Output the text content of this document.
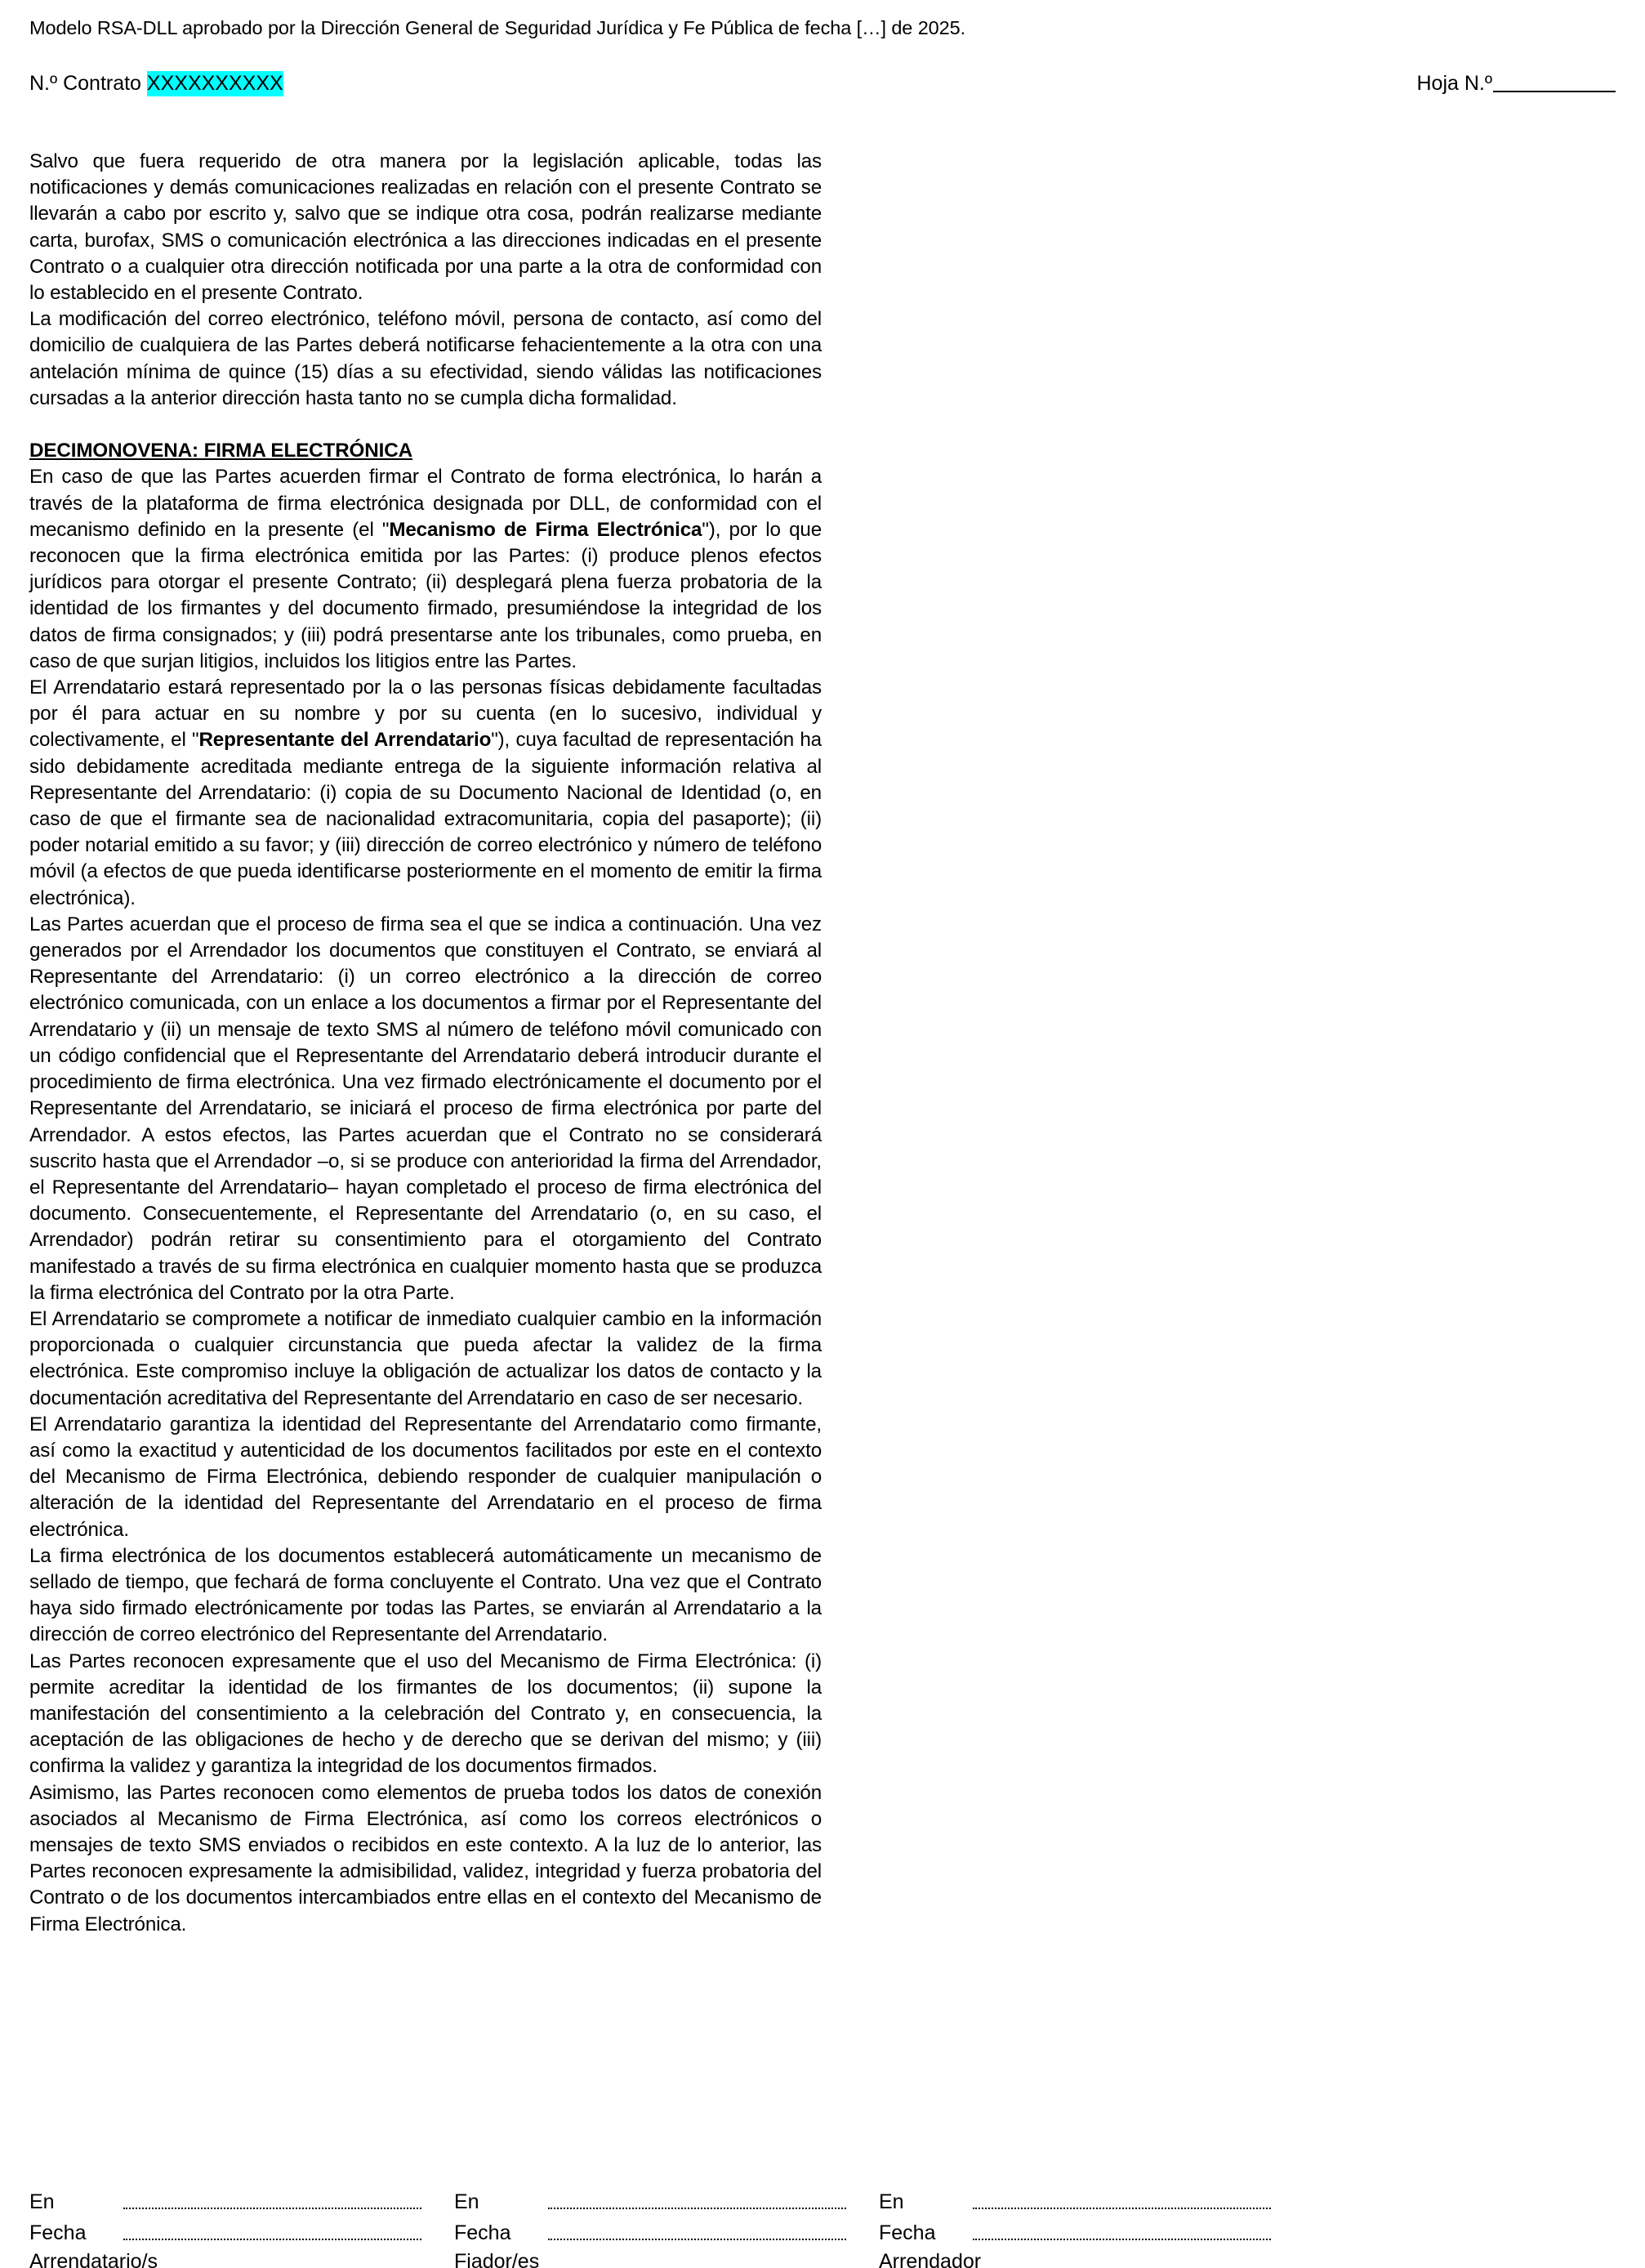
Modelo RSA-DLL aprobado por la Dirección General de Seguridad Jurídica y Fe Pública de fecha […] de 2025.
N.º Contrato XXXXXXXXXX	Hoja N.º

Salvo que fuera requerido de otra manera por la legislación aplicable, todas las notificaciones y demás comunicaciones realizadas en relación con el presente Contrato se llevarán a cabo por escrito y, salvo que se indique otra cosa, podrán realizarse mediante carta, burofax, SMS o comunicación electrónica a las direcciones indicadas en el presente Contrato o a cualquier otra dirección notificada por una parte a la otra de conformidad con lo establecido en el presente Contrato.

La modificación del correo electrónico, teléfono móvil, persona de contacto, así como del domicilio de cualquiera de las Partes deberá notificarse fehacientemente a la otra con una antelación mínima de quince (15) días a su efectividad, siendo válidas las notificaciones cursadas a la anterior dirección hasta tanto no se cumpla dicha formalidad.

DECIMONOVENA: FIRMA ELECTRÓNICA

En caso de que las Partes acuerden firmar el Contrato de forma electrónica, lo harán a través de la plataforma de firma electrónica designada por DLL, de conformidad con el mecanismo definido en la presente (el "Mecanismo de Firma Electrónica"), por lo que reconocen que la firma electrónica emitida por las Partes: (i) produce plenos efectos jurídicos para otorgar el presente Contrato; (ii) desplegará plena fuerza probatoria de la identidad de los firmantes y del documento firmado, presumiéndose la integridad de los datos de firma consignados; y (iii) podrá presentarse ante los tribunales, como prueba, en caso de que surjan litigios, incluidos los litigios entre las Partes.

El Arrendatario estará representado por la o las personas físicas debidamente facultadas por él para actuar en su nombre y por su cuenta (en lo sucesivo, individual y colectivamente, el "Representante del Arrendatario"), cuya facultad de representación ha sido debidamente acreditada mediante entrega de la siguiente información relativa al Representante del Arrendatario: (i) copia de su Documento Nacional de Identidad (o, en caso de que el firmante sea de nacionalidad extracomunitaria, copia del pasaporte); (ii) poder notarial emitido a su favor; y (iii) dirección de correo electrónico y número de teléfono móvil (a efectos de que pueda identificarse posteriormente en el momento de emitir la firma electrónica).

Las Partes acuerdan que el proceso de firma sea el que se indica a continuación. Una vez generados por el Arrendador los documentos que constituyen el Contrato, se enviará al Representante del Arrendatario: (i) un correo electrónico a la dirección de correo electrónico comunicada, con un enlace a los documentos a firmar por el Representante del Arrendatario y (ii) un mensaje de texto SMS al número de teléfono móvil comunicado con un código confidencial que el Representante del Arrendatario deberá introducir durante el procedimiento de firma electrónica. Una vez firmado electrónicamente el documento por el Representante del Arrendatario, se iniciará el proceso de firma electrónica por parte del Arrendador. A estos efectos, las Partes acuerdan que el Contrato no se considerará suscrito hasta que el Arrendador –o, si se produce con anterioridad la firma del Arrendador, el Representante del Arrendatario– hayan completado el proceso de firma electrónica del documento. Consecuentemente, el Representante del Arrendatario (o, en su caso, el Arrendador) podrán retirar su consentimiento para el otorgamiento del Contrato manifestado a través de su firma electrónica en cualquier momento hasta que se produzca la firma electrónica del Contrato por la otra Parte.

El Arrendatario se compromete a notificar de inmediato cualquier cambio en la información proporcionada o cualquier circunstancia que pueda afectar la validez de la firma electrónica. Este compromiso incluye la obligación de actualizar los datos de contacto y la documentación acreditativa del Representante del Arrendatario en caso de ser necesario.

El Arrendatario garantiza la identidad del Representante del Arrendatario como firmante, así como la exactitud y autenticidad de los documentos facilitados por este en el contexto del Mecanismo de Firma Electrónica, debiendo responder de cualquier manipulación o alteración de la identidad del Representante del Arrendatario en el proceso de firma electrónica.

La firma electrónica de los documentos establecerá automáticamente un mecanismo de sellado de tiempo, que fechará de forma concluyente el Contrato. Una vez que el Contrato haya sido firmado electrónicamente por todas las Partes, se enviarán al Arrendatario a la dirección de correo electrónico del Representante del Arrendatario.

Las Partes reconocen expresamente que el uso del Mecanismo de Firma Electrónica: (i) permite acreditar la identidad de los firmantes de los documentos; (ii) supone la manifestación del consentimiento a la celebración del Contrato y, en consecuencia, la aceptación de las obligaciones de hecho y de derecho que se derivan del mismo; y (iii) confirma la validez y garantiza la integridad de los documentos firmados.

Asimismo, las Partes reconocen como elementos de prueba todos los datos de conexión asociados al Mecanismo de Firma Electrónica, así como los correos electrónicos o mensajes de texto SMS enviados o recibidos en este contexto. A la luz de lo anterior, las Partes reconocen expresamente la admisibilidad, validez, integridad y fuerza probatoria del Contrato o de los documentos intercambiados entre ellas en el contexto del Mecanismo de Firma Electrónica.

En
Fecha
Arrendatario/s
En
Fecha
Fiador/es
En
Fecha
Arrendador
